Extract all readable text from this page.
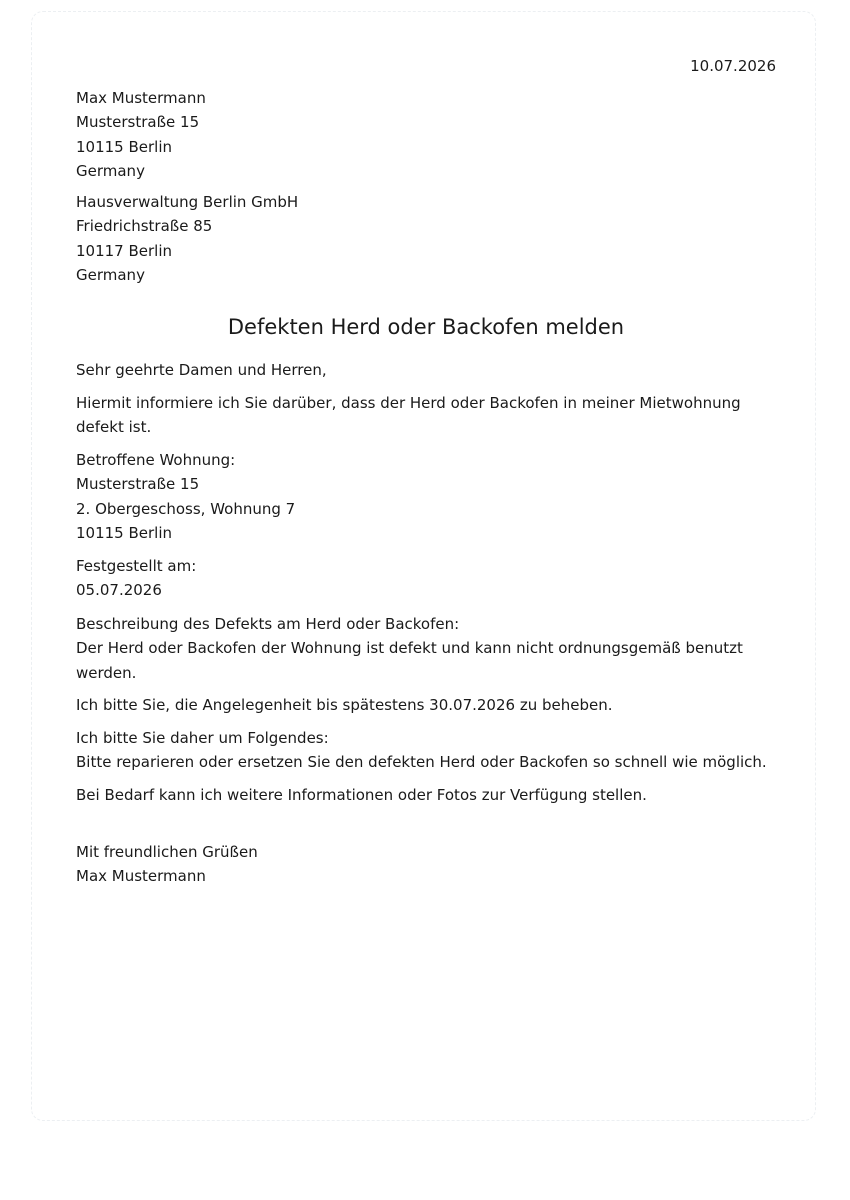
10.07.2026
Max Mustermann
Musterstraße 15
10115 Berlin
Germany
Hausverwaltung Berlin GmbH
Friedrichstraße 85
10117 Berlin
Germany
Defekten Herd oder Backofen melden
Sehr geehrte Damen und Herren,
Hiermit informiere ich Sie darüber, dass der Herd oder Backofen in meiner Mietwohnung defekt ist.
Betroffene Wohnung:
Musterstraße 15
2. Obergeschoss, Wohnung 7
10115 Berlin
Festgestellt am:
05.07.2026
Beschreibung des Defekts am Herd oder Backofen:
Der Herd oder Backofen der Wohnung ist defekt und kann nicht ordnungsgemäß benutzt werden.
Ich bitte Sie, die Angelegenheit bis spätestens 30.07.2026 zu beheben.
Ich bitte Sie daher um Folgendes:
Bitte reparieren oder ersetzen Sie den defekten Herd oder Backofen so schnell wie möglich.
Bei Bedarf kann ich weitere Informationen oder Fotos zur Verfügung stellen.
Mit freundlichen Grüßen
Max Mustermann
